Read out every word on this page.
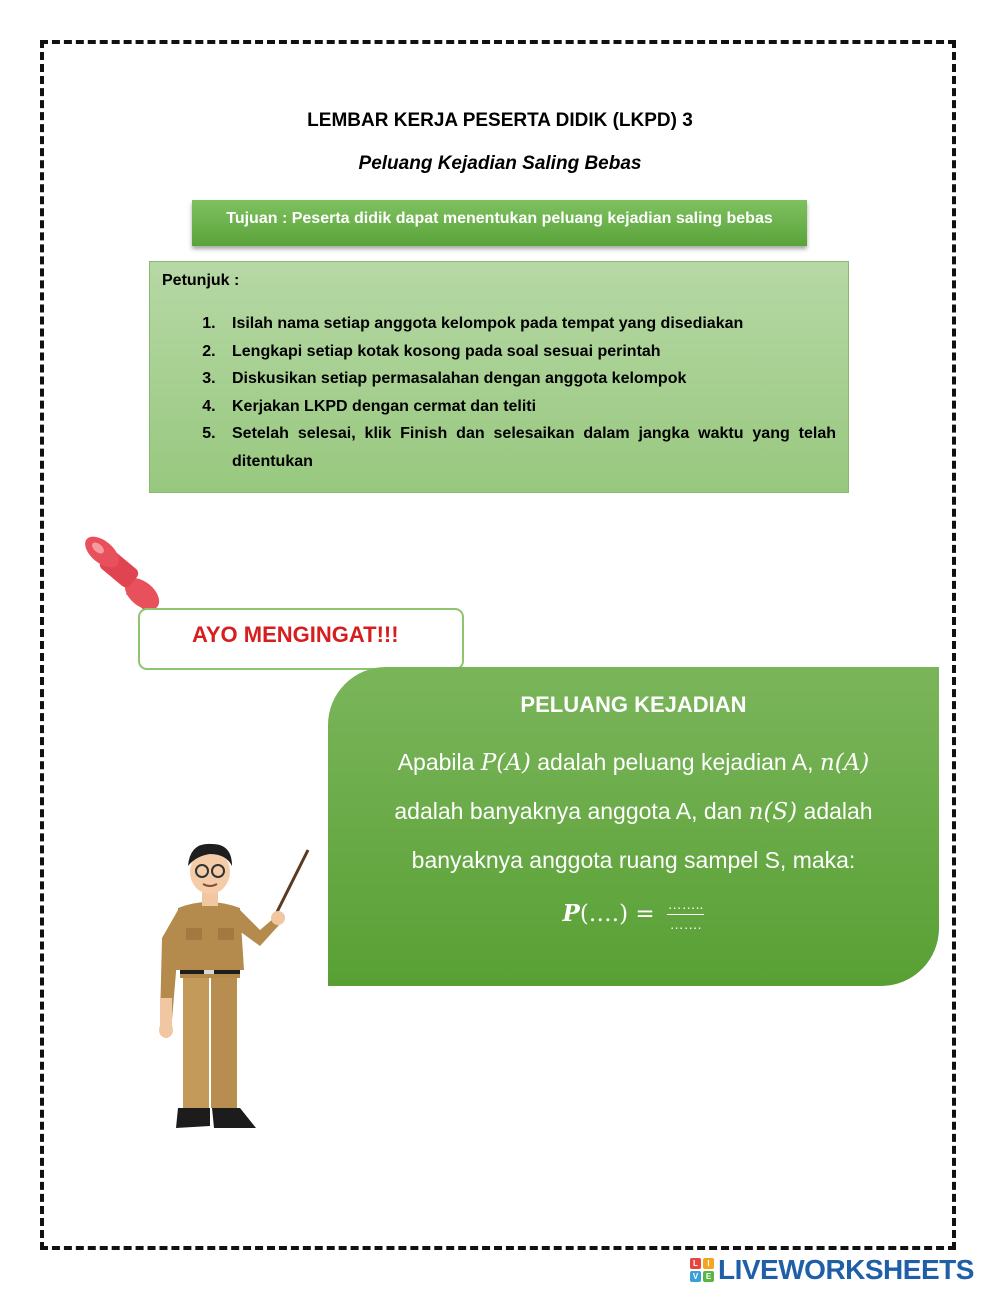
LEMBAR KERJA PESERTA DIDIK (LKPD) 3
Peluang Kejadian Saling Bebas
Tujuan : Peserta didik dapat menentukan peluang kejadian saling bebas
Petunjuk :
1. Isilah nama setiap anggota kelompok pada tempat yang disediakan
2. Lengkapi setiap kotak kosong pada soal sesuai perintah
3. Diskusikan setiap permasalahan dengan anggota kelompok
4. Kerjakan LKPD dengan cermat dan teliti
5. Setelah selesai, klik Finish dan selesaikan dalam jangka waktu yang telah ditentukan
AYO MENGINGAT!!!
PELUANG KEJADIAN
Apabila P(A) adalah peluang kejadian A, n(A)
adalah banyaknya anggota A, dan n(S) adalah
banyaknya anggota ruang sampel S, maka:
P(….) = $\frac{\dots\dots..}{\dots\dots.}$
L	I
V E LIVEWORKSHEETS
